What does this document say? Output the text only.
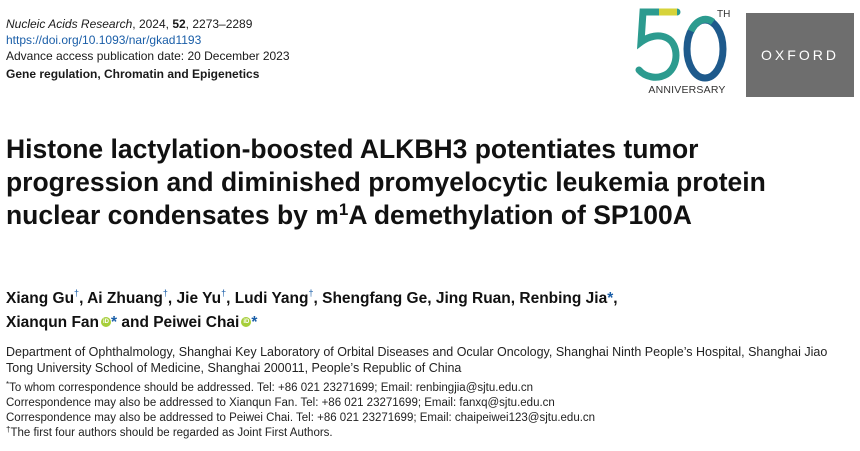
Nucleic Acids Research, 2024, 52, 2273–2289
https://doi.org/10.1093/nar/gkad1193
Advance access publication date: 20 December 2023
Gene regulation, Chromatin and Epigenetics
TH
ANNIVERSARY
OXFORD
Histone lactylation-boosted ALKBH3 potentiates tumor progression and diminished promyelocytic leukemia protein nuclear condensates by $m^1A$ demethylation of SP100A
Xiang Gu†, Ai Zhuang†, Jie Yu†, Ludi Yang†, Shengfang Ge, Jing Ruan, Renbing Jia*,
Xianqun Fan iD * and Peiwei Chai iD *
Department of Ophthalmology, Shanghai Key Laboratory of Orbital Diseases and Ocular Oncology, Shanghai Ninth People’s Hospital, Shanghai Jiao Tong University School of Medicine, Shanghai 200011, People’s Republic of China
*To whom correspondence should be addressed. Tel: +86 021 23271699; Email: renbingjia@sjtu.edu.cn
Correspondence may also be addressed to Xianqun Fan. Tel: +86 021 23271699; Email: fanxq@sjtu.edu.cn
Correspondence may also be addressed to Peiwei Chai. Tel: +86 021 23271699; Email: chaipeiwei123@sjtu.edu.cn
†The first four authors should be regarded as Joint First Authors.
